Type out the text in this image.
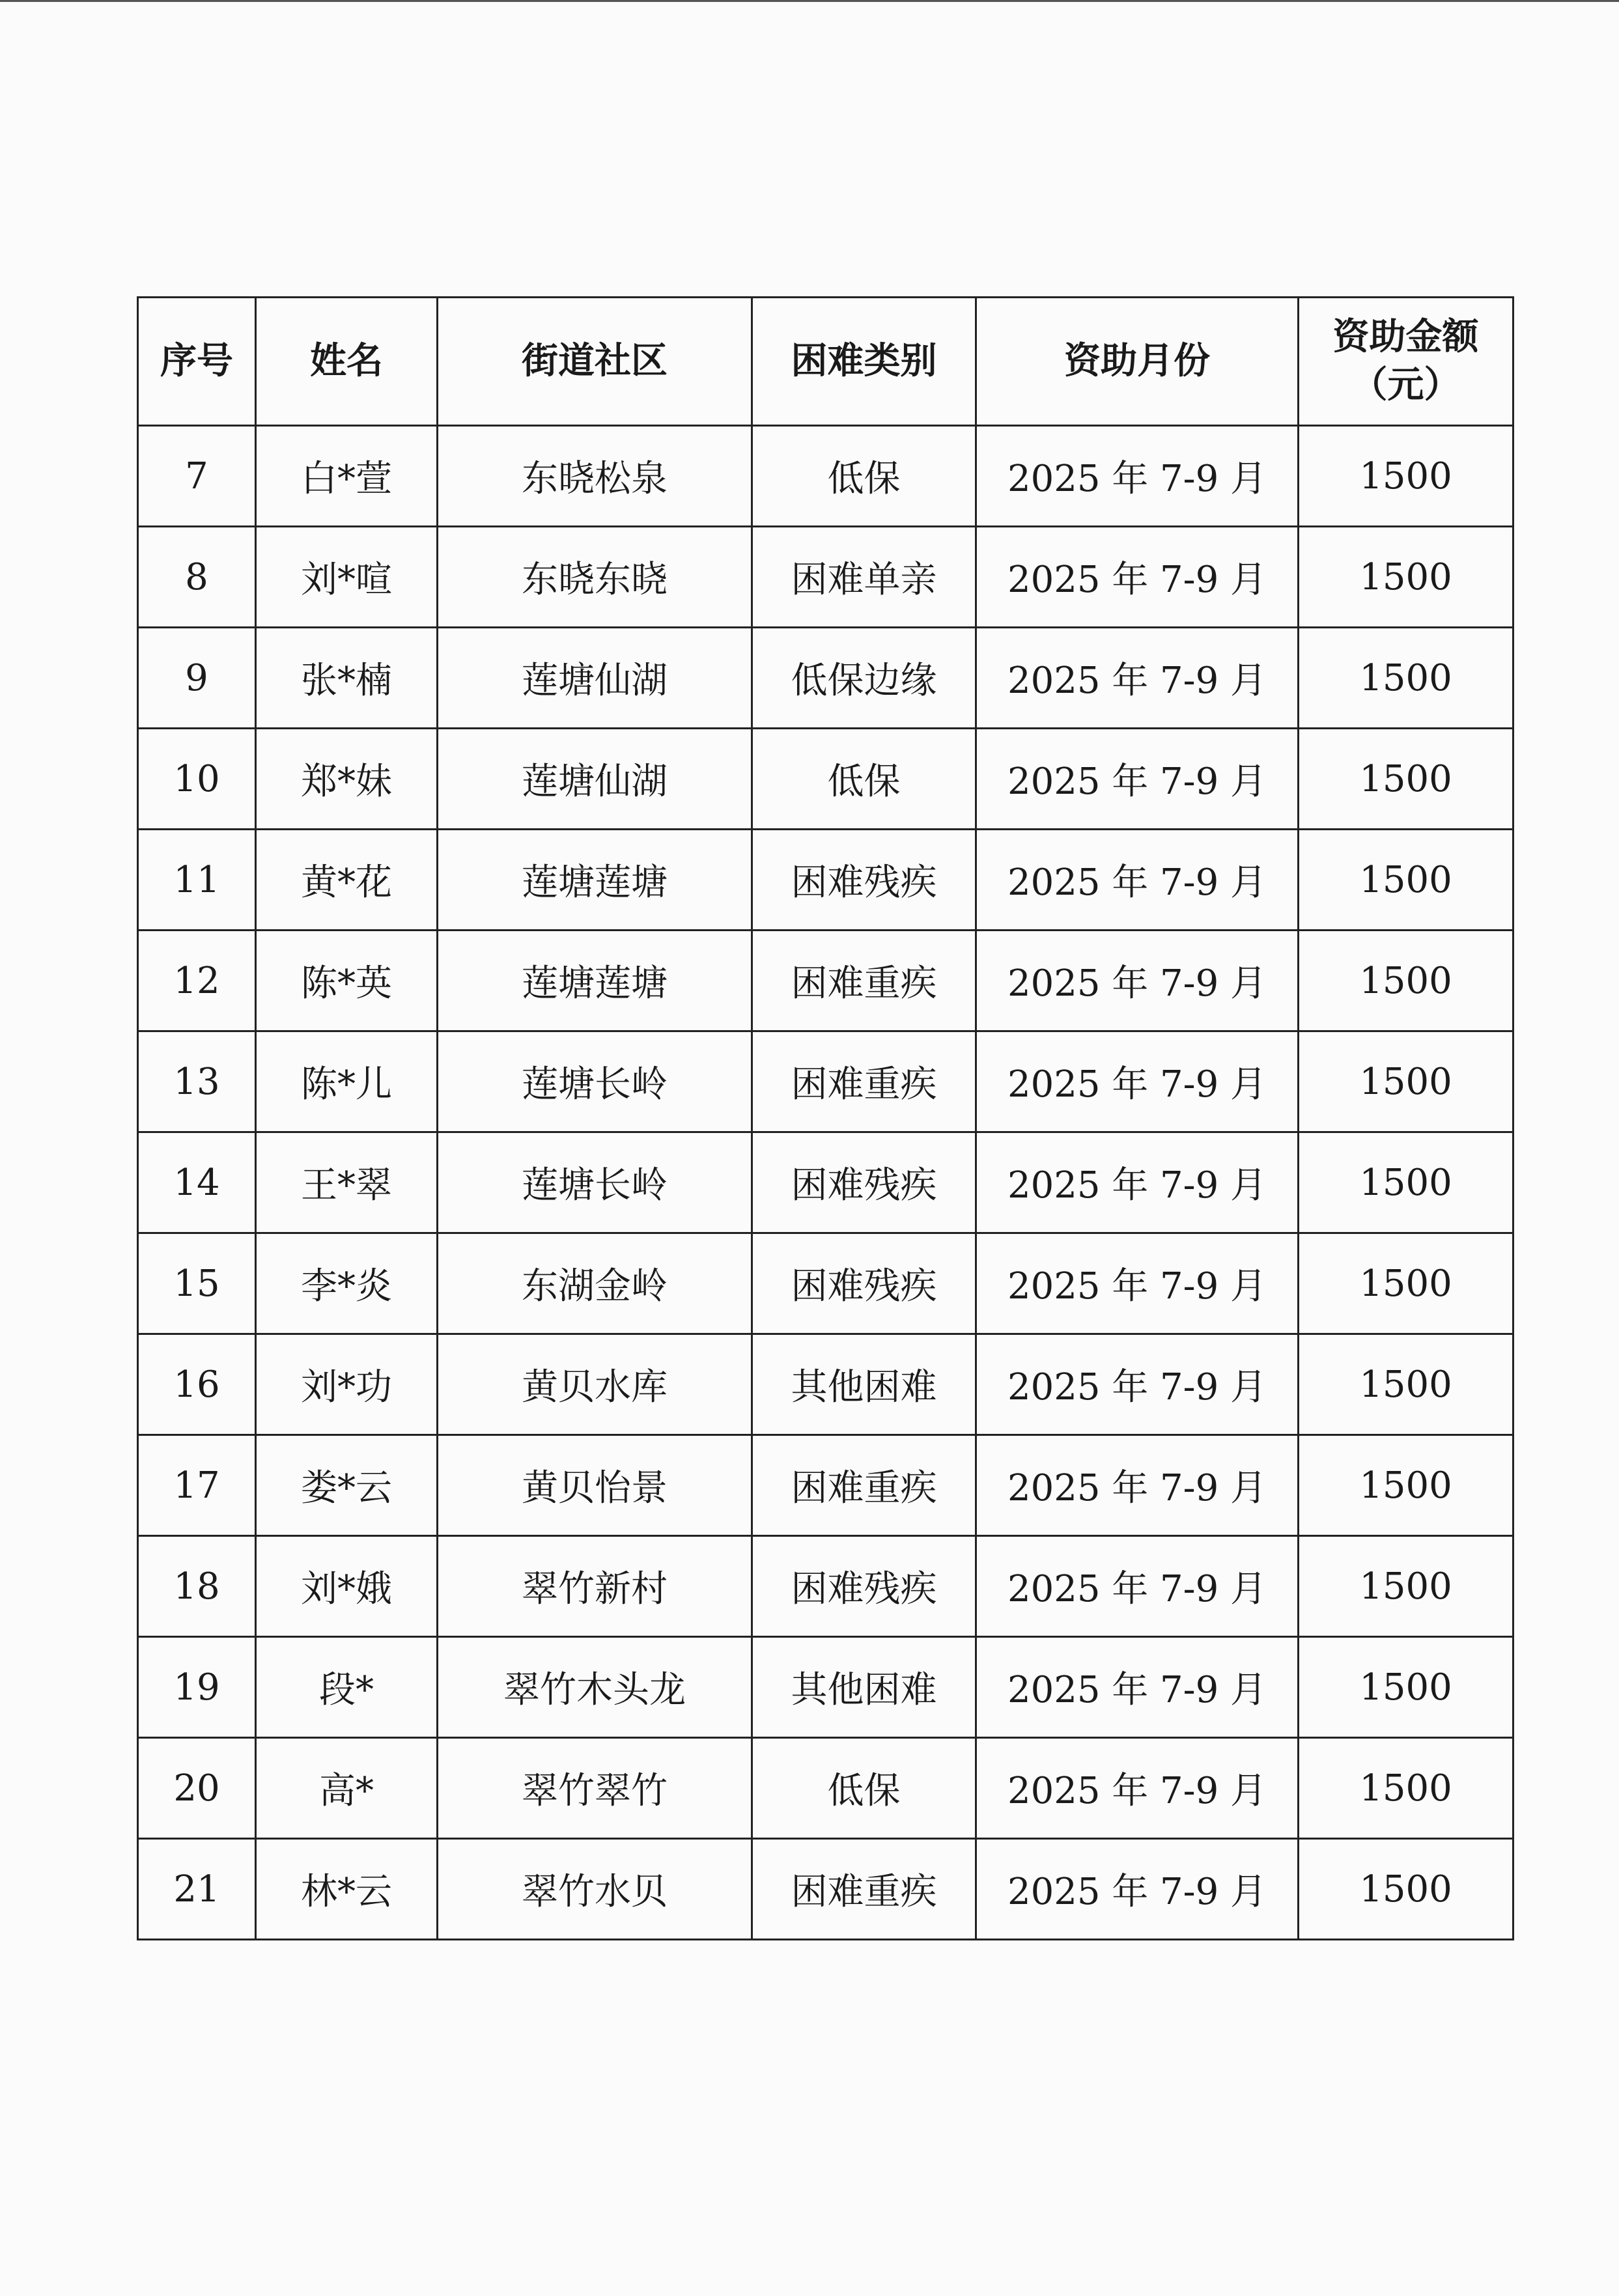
序号	姓名	街道社区	困难类别	资助月份	资助金额
（元）

7	白*萱	东晓松泉	低保	2025 年 7-9 月	1500
8	刘*喧	东晓东晓	困难单亲	2025 年 7-9 月	1500
9	张*楠	莲塘仙湖	低保边缘	2025 年 7-9 月	1500
10	郑*妹	莲塘仙湖	低保	2025 年 7-9 月	1500
11	黄*花	莲塘莲塘	困难残疾	2025 年 7-9 月	1500
12	陈*英	莲塘莲塘	困难重疾	2025 年 7-9 月	1500
13	陈*儿	莲塘长岭	困难重疾	2025 年 7-9 月	1500
14	王*翠	莲塘长岭	困难残疾	2025 年 7-9 月	1500
15	李*炎	东湖金岭	困难残疾	2025 年 7-9 月	1500
16	刘*功	黄贝水库	其他困难	2025 年 7-9 月	1500
17	娄*云	黄贝怡景	困难重疾	2025 年 7-9 月	1500
18	刘*娥	翠竹新村	困难残疾	2025 年 7-9 月	1500
19	段*	翠竹木头龙	其他困难	2025 年 7-9 月	1500
20	高*	翠竹翠竹	低保	2025 年 7-9 月	1500
21	林*云	翠竹水贝	困难重疾	2025 年 7-9 月	1500
